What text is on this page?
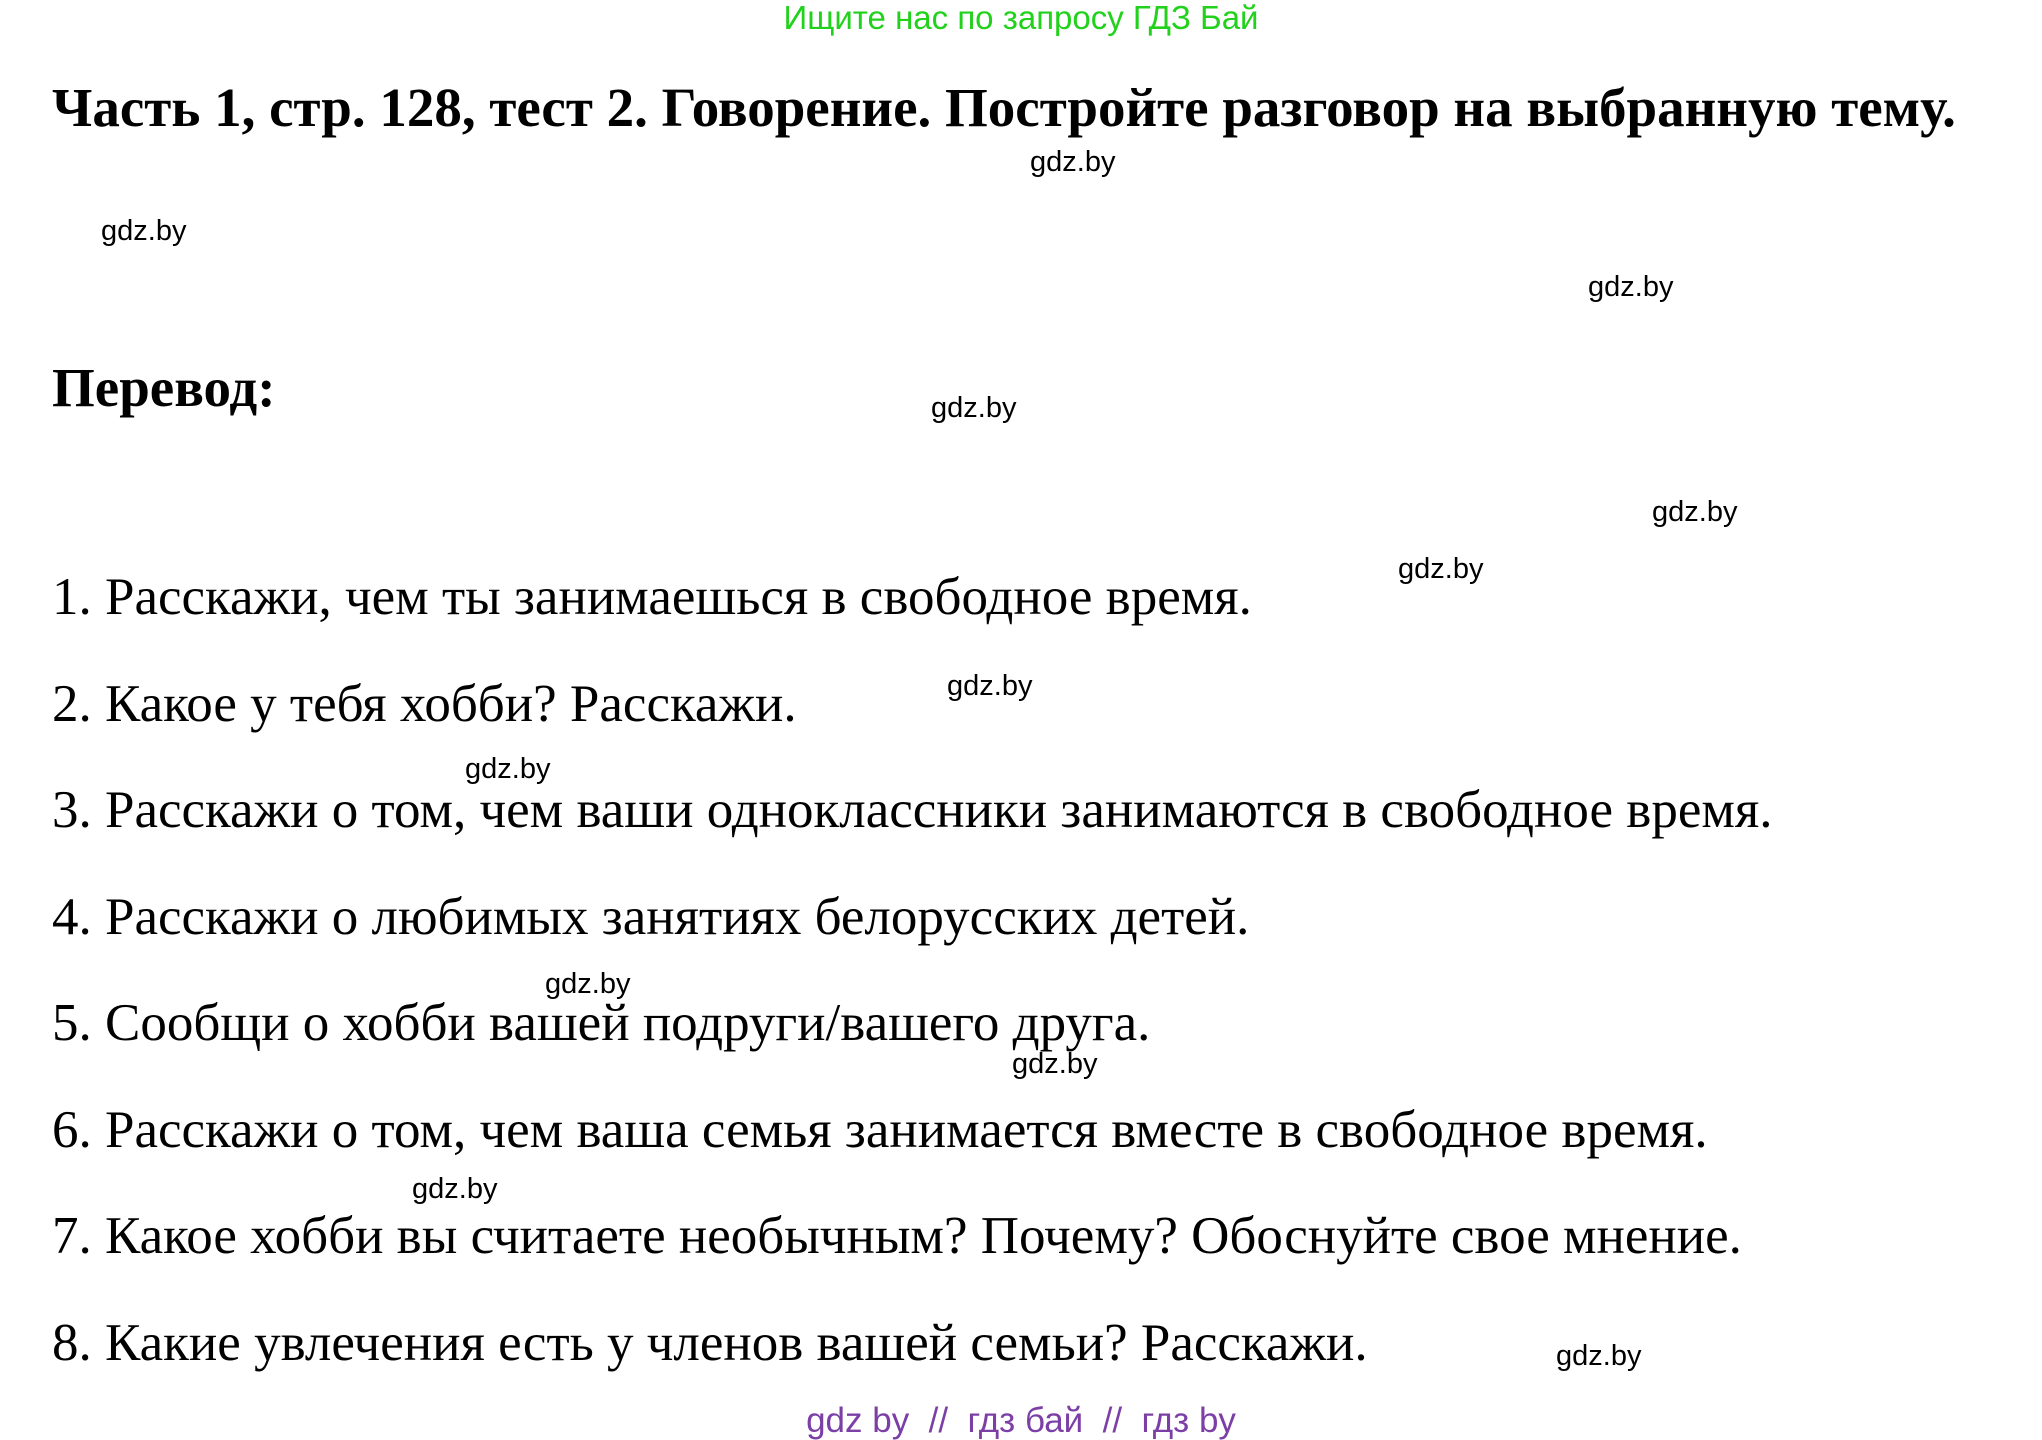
Ищите нас по запросу ГДЗ Бай
Часть 1, стр. 128, тест 2. Говорение. Постройте разговор на выбранную тему.
Перевод:
1. Расскажи, чем ты занимаешься в свободное время.
2. Какое у тебя хобби? Расскажи.
3. Расскажи о том, чем ваши одноклассники занимаются в свободное время.
4. Расскажи о любимых занятиях белорусских детей.
5. Сообщи о хобби вашей подруги/вашего друга.
6. Расскажи о том, чем ваша семья занимается вместе в свободное время.
7. Какое хобби вы считаете необычным? Почему? Обоснуйте свое мнение.
8. Какие увлечения есть у членов вашей семьи? Расскажи.
gdz.by
gdz.by
gdz.by
gdz.by
gdz.by
gdz.by
gdz.by
gdz.by
gdz.by
gdz.by
gdz.by
gdz.by
gdz by  //  гдз бай  //  гдз by
